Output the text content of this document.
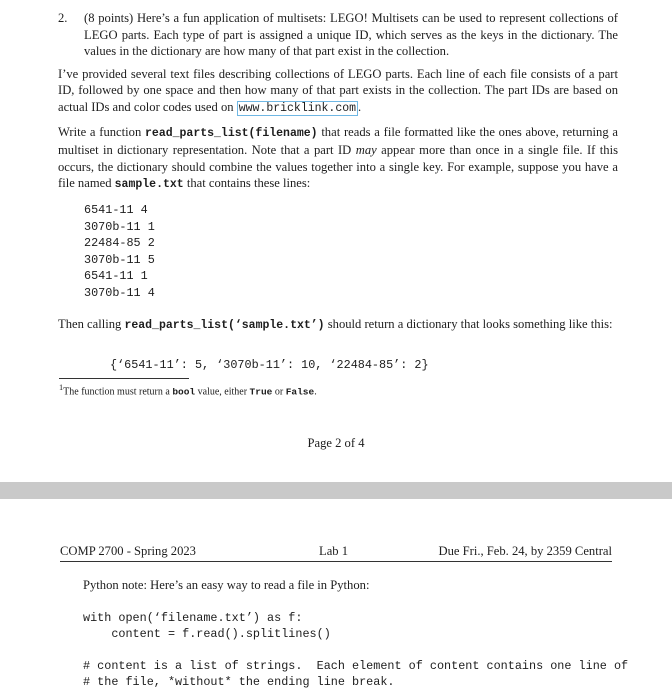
2. (8 points) Here’s a fun application of multisets: LEGO! Multisets can be used to represent collections of LEGO parts. Each type of part is assigned a unique ID, which serves as the keys in the dictionary. The values in the dictionary are how many of that part exist in the collection.

I’ve provided several text files describing collections of LEGO parts. Each line of each file consists of a part ID, followed by one space and then how many of that part exists in the collection. The part IDs are based on actual IDs and color codes used on www.bricklink.com .

Write a function read_parts_list(filename) that reads a file formatted like the ones above, returning a multiset in dictionary representation. Note that a part ID may appear more than once in a single file. If this occurs, the dictionary should combine the values together into a single key. For example, suppose you have a file named sample.txt that contains these lines:

6541-11 4
3070b-11 1
22484-85 2
3070b-11 5
6541-11 1
3070b-11 4

Then calling read_parts_list(‘sample.txt’) should return a dictionary that looks something like this:

{‘6541-11’: 5, ‘3070b-11’: 10, ‘22484-85’: 2}
$^1$The function must return a bool value, either True or False.
Page 2 of 4
COMP 2700 - Spring 2023	Lab 1	Due Fri., Feb. 24, by 2359 Central
Python note: Here’s an easy way to read a file in Python:
with open(‘filename.txt’) as f:
content = f.read().splitlines()
# content is a list of strings.  Each element of content contains one line of
# the file, *without* the ending line break.
